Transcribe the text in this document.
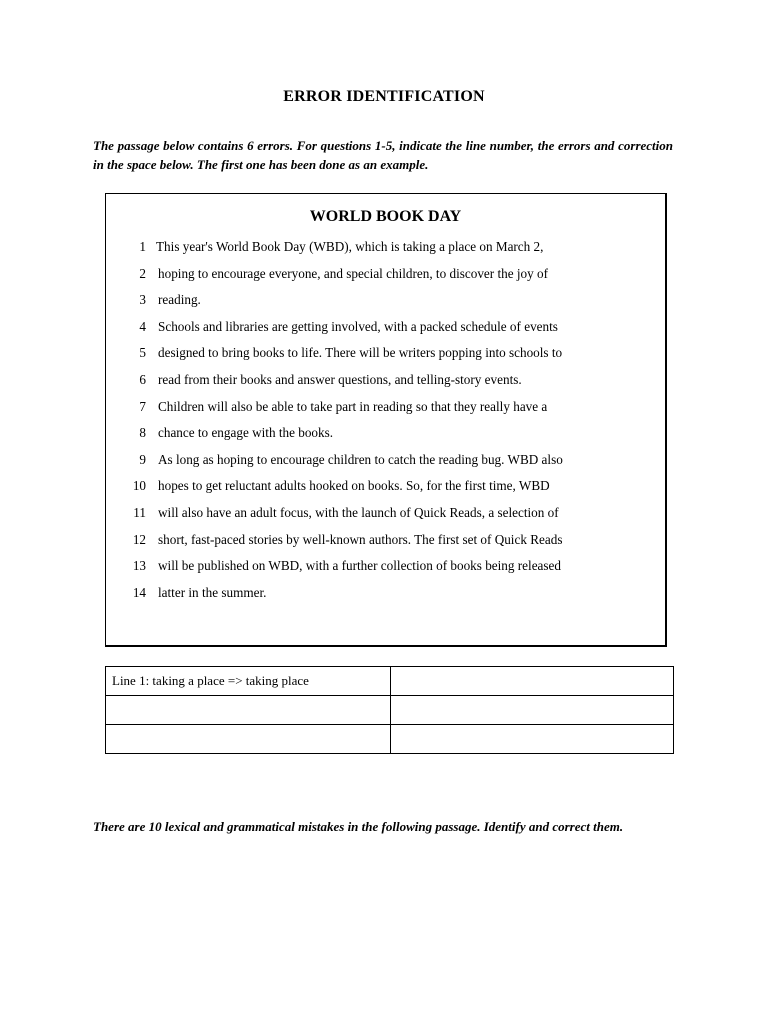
ERROR IDENTIFICATION
The passage below contains 6 errors. For questions 1-5, indicate the line number, the errors and correction in the space below. The first one has been done as an example.
WORLD BOOK DAY
1 This year's World Book Day (WBD), which is taking a place on March 2,
2 hoping to encourage everyone, and special children, to discover the joy of
3 reading.
4 Schools and libraries are getting involved, with a packed schedule of events
5 designed to bring books to life. There will be writers popping into schools to
6 read from their books and answer questions, and telling-story events.
7 Children will also be able to take part in reading so that they really have a
8 chance to engage with the books.
9 As long as hoping to encourage children to catch the reading bug. WBD also
10 hopes to get reluctant adults hooked on books. So, for the first time, WBD
11 will also have an adult focus, with the launch of Quick Reads, a selection of
12 short, fast-paced stories by well-known authors. The first set of Quick Reads
13 will be published on WBD, with a further collection of books being released
14 latter in the summer.
Line 1: taking a place => taking place	

There are 10 lexical and grammatical mistakes in the following passage. Identify and correct them.
